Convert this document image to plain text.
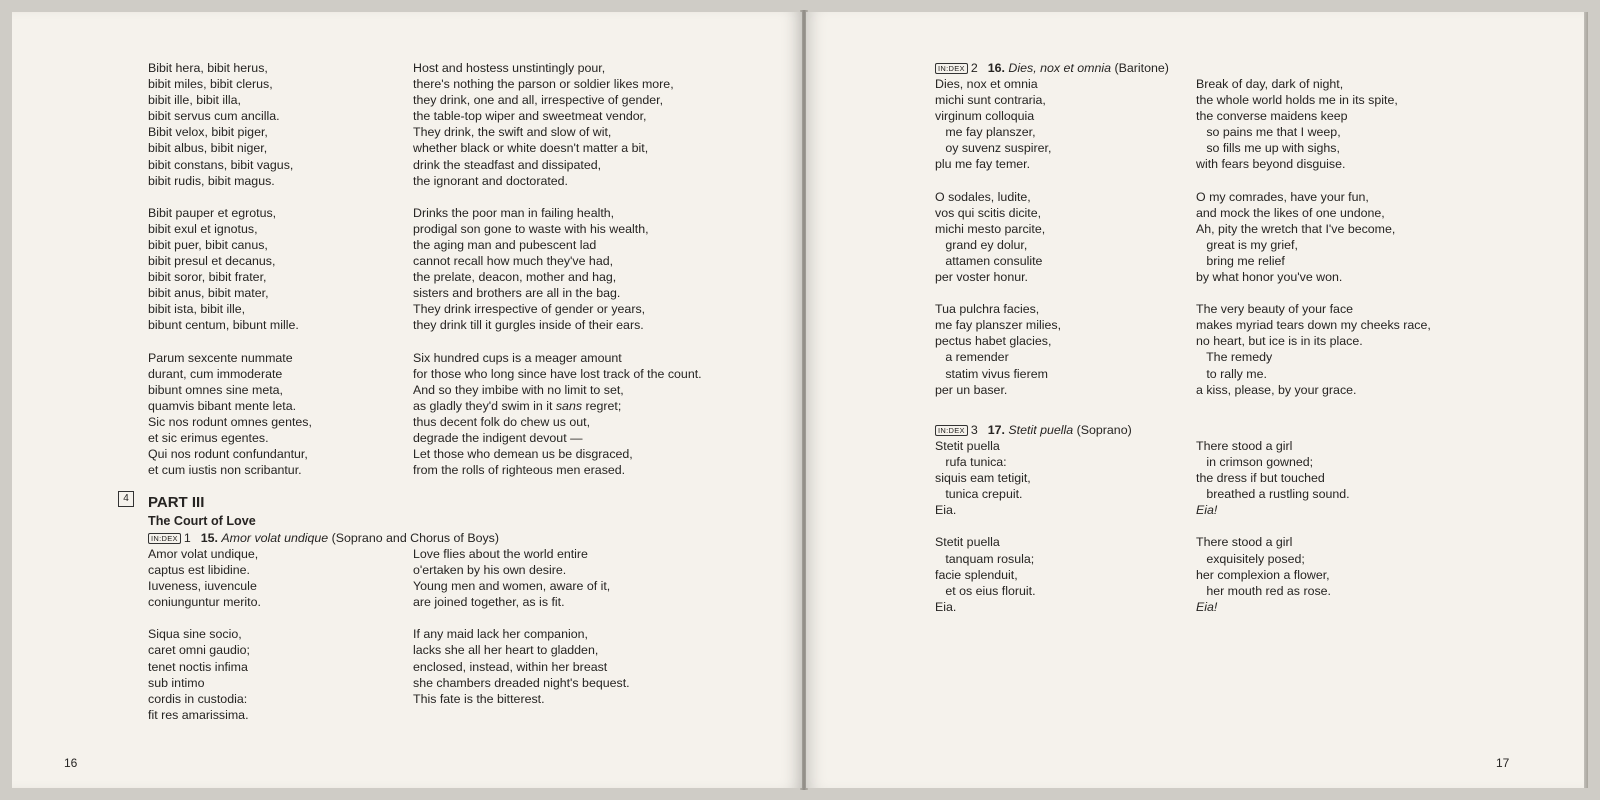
Bibit hera, bibit herus,
bibit miles, bibit clerus,
bibit ille, bibit illa,
bibit servus cum ancilla.
Bibit velox, bibit piger,
bibit albus, bibit niger,
bibit constans, bibit vagus,
bibit rudis, bibit magus.
Bibit pauper et egrotus,
bibit exul et ignotus,
bibit puer, bibit canus,
bibit presul et decanus,
bibit soror, bibit frater,
bibit anus, bibit mater,
bibit ista, bibit ille,
bibunt centum, bibunt mille.
Parum sexcente nummate
durant, cum immoderate
bibunt omnes sine meta,
quamvis bibant mente leta.
Sic nos rodunt omnes gentes,
et sic erimus egentes.
Qui nos rodunt confundantur,
et cum iustis non scribantur.
Host and hostess unstintingly pour,
there's nothing the parson or soldier likes more,
they drink, one and all, irrespective of gender,
the table-top wiper and sweetmeat vendor,
They drink, the swift and slow of wit,
whether black or white doesn't matter a bit,
drink the steadfast and dissipated,
the ignorant and doctorated.
Drinks the poor man in failing health,
prodigal son gone to waste with his wealth,
the aging man and pubescent lad
cannot recall how much they've had,
the prelate, deacon, mother and hag,
sisters and brothers are all in the bag.
They drink irrespective of gender or years,
they drink till it gurgles inside of their ears.
Six hundred cups is a meager amount
for those who long since have lost track of the count.
And so they imbibe with no limit to set,
as gladly they'd swim in it sans regret;
thus decent folk do chew us out,
degrade the indigent devout —
Let those who demean us be disgraced,
from the rolls of righteous men erased.
4	PART III
The Court of Love
IN:DEX 1 15. Amor volat undique (Soprano and Chorus of Boys)
Amor volat undique,
captus est libidine.
Iuveness, iuvencule
coniunguntur merito.
Siqua sine socio,
caret omni gaudio;
tenet noctis infima
sub intimo
cordis in custodia:
fit res amarissima.
Love flies about the world entire
o'ertaken by his own desire.
Young men and women, aware of it,
are joined together, as is fit.
If any maid lack her companion,
lacks she all her heart to gladden,
enclosed, instead, within her breast
she chambers dreaded night's bequest.
This fate is the bitterest.
16
IN:DEX 2 16. Dies, nox et omnia (Baritone)
Dies, nox et omnia
michi sunt contraria,
virginum colloquia
me fay planszer,
oy suvenz suspirer,
plu me fay temer.
O sodales, ludite,
vos qui scitis dicite,
michi mesto parcite,
grand ey dolur,
attamen consulite
per voster honur.
Tua pulchra facies,
me fay planszer milies,
pectus habet glacies,
a remender
statim vivus fierem
per un baser.
Break of day, dark of night,
the whole world holds me in its spite,
the converse maidens keep
so pains me that I weep,
so fills me up with sighs,
with fears beyond disguise.
O my comrades, have your fun,
and mock the likes of one undone,
Ah, pity the wretch that I've become,
great is my grief,
bring me relief
by what honor you've won.
The very beauty of your face
makes myriad tears down my cheeks race,
no heart, but ice is in its place.
The remedy
to rally me.
a kiss, please, by your grace.
IN:DEX 3 17. Stetit puella (Soprano)
Stetit puella
rufa tunica:
siquis eam tetigit,
tunica crepuit.
Eia.
Stetit puella
tanquam rosula;
facie splenduit,
et os eius floruit.
Eia.
There stood a girl
in crimson gowned;
the dress if but touched
breathed a rustling sound.
Eia!
There stood a girl
exquisitely posed;
her complexion a flower,
her mouth red as rose.
Eia!
17
